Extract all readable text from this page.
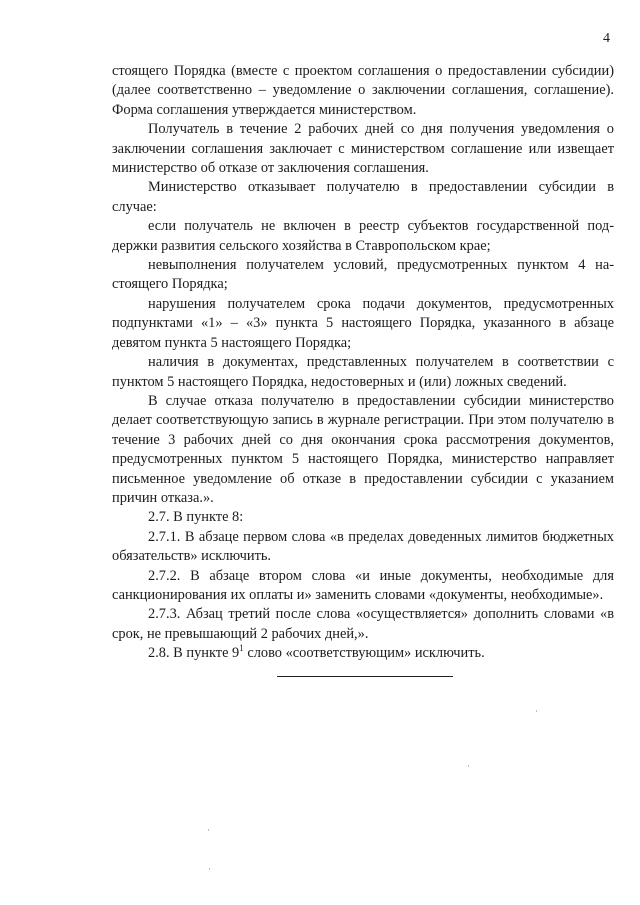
4

стоящего Порядка (вместе с проектом соглашения о предоставлении субсидии) (далее соответственно – уведомление о заключении соглашения, соглашение). Форма соглашения утверждается министерством.

Получатель в течение 2 рабочих дней со дня получения уведомления о заключении соглашения заключает с министерством соглашение или извещает министерство об отказе от заключения соглашения.

Министерство отказывает получателю в предоставлении субсидии в случае:

если получатель не включен в реестр субъектов государственной поддержки развития сельского хозяйства в Ставропольском крае;

невыполнения получателем условий, предусмотренных пунктом 4 настоящего Порядка;

нарушения получателем срока подачи документов, предусмотренных подпунктами «1» – «3» пункта 5 настоящего Порядка, указанного в абзаце девятом пункта 5 настоящего Порядка;

наличия в документах, представленных получателем в соответствии с пунктом 5 настоящего Порядка, недостоверных и (или) ложных сведений.

В случае отказа получателю в предоставлении субсидии министерство делает соответствующую запись в журнале регистрации. При этом получателю в течение 3 рабочих дней со дня окончания срока рассмотрения документов, предусмотренных пунктом 5 настоящего Порядка, министерство направляет письменное уведомление об отказе в предоставлении субсидии с указанием причин отказа.».

2.7. В пункте 8:

2.7.1. В абзаце первом слова «в пределах доведенных лимитов бюджетных обязательств» исключить.

2.7.2. В абзаце втором слова «и иные документы, необходимые для санкционирования их оплаты и» заменить словами «документы, необходимые».

2.7.3. Абзац третий после слова «осуществляется» дополнить словами «в срок, не превышающий 2 рабочих дней,».

2.8. В пункте $9^1$ слово «соответствующим» исключить.
